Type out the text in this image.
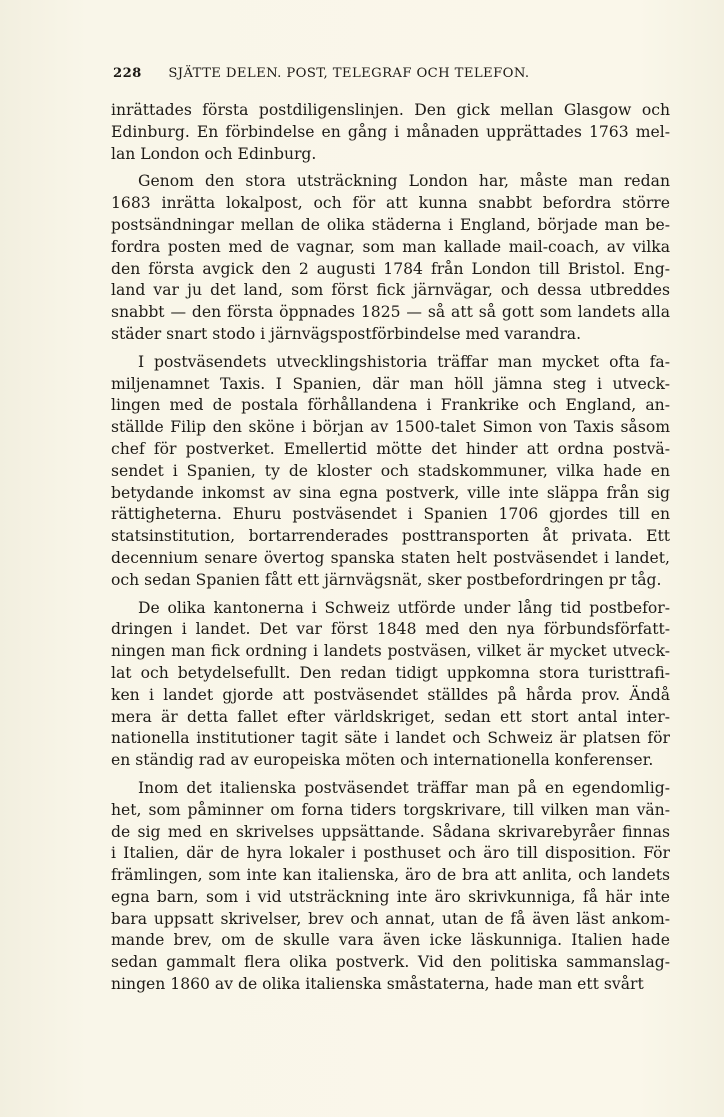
228 SJÄTTE DELEN. POST, TELEGRAF OCH TELEFON.
inrättades första postdiligenslinjen. Den gick mellan Glasgow och
Edinburg. En förbindelse en gång i månaden upprättades 1763 mel-
lan London och Edinburg.
Genom den stora utsträckning London har, måste man redan
1683 inrätta lokalpost, och för att kunna snabbt befordra större
postsändningar mellan de olika städerna i England, började man be-
fordra posten med de vagnar, som man kallade mail-coach, av vilka
den första avgick den 2 augusti 1784 från London till Bristol. Eng-
land var ju det land, som först fick järnvägar, och dessa utbreddes
snabbt — den första öppnades 1825 — så att så gott som landets alla
städer snart stodo i järnvägspostförbindelse med varandra.
I postväsendets utvecklingshistoria träffar man mycket ofta fa-
miljenamnet Taxis. I Spanien, där man höll jämna steg i utveck-
lingen med de postala förhållandena i Frankrike och England, an-
ställde Filip den sköne i början av 1500-talet Simon von Taxis såsom
chef för postverket. Emellertid mötte det hinder att ordna postvä-
sendet i Spanien, ty de kloster och stadskommuner, vilka hade en
betydande inkomst av sina egna postverk, ville inte släppa från sig
rättigheterna. Ehuru postväsendet i Spanien 1706 gjordes till en
statsinstitution, bortarrenderades posttransporten åt privata. Ett
decennium senare övertog spanska staten helt postväsendet i landet,
och sedan Spanien fått ett järnvägsnät, sker postbefordringen pr tåg.
De olika kantonerna i Schweiz utförde under lång tid postbefor-
dringen i landet. Det var först 1848 med den nya förbundsförfatt-
ningen man fick ordning i landets postväsen, vilket är mycket utveck-
lat och betydelsefullt. Den redan tidigt uppkomna stora turisttrafi-
ken i landet gjorde att postväsendet ställdes på hårda prov. Ändå
mera är detta fallet efter världskriget, sedan ett stort antal inter-
nationella institutioner tagit säte i landet och Schweiz är platsen för
en ständig rad av europeiska möten och internationella konferenser.
Inom det italienska postväsendet träffar man på en egendomlig-
het, som påminner om forna tiders torgskrivare, till vilken man vän-
de sig med en skrivelses uppsättande. Sådana skrivarebyråer finnas
i Italien, där de hyra lokaler i posthuset och äro till disposition. För
främlingen, som inte kan italienska, äro de bra att anlita, och landets
egna barn, som i vid utsträckning inte äro skrivkunniga, få här inte
bara uppsatt skrivelser, brev och annat, utan de få även läst ankom-
mande brev, om de skulle vara även icke läskunniga. Italien hade
sedan gammalt flera olika postverk. Vid den politiska sammanslag-
ningen 1860 av de olika italienska småstaterna, hade man ett svårt
